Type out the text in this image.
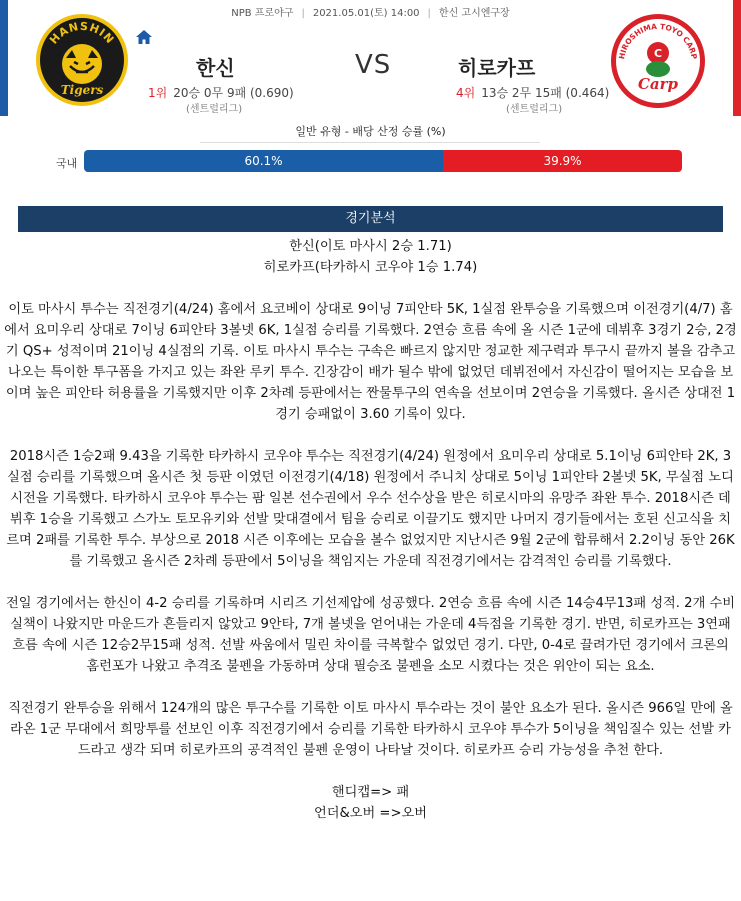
NPB 프로야구 | 2021.05.01(토) 14:00 | 한신 고시엔구장
HANSHIN
Tigers
HIROSHIMA TOYO CARP
C
Carp
한신	VS	히로카프
1위 20승 0무 9패 (0.690)	4위 13승 2무 15패 (0.464)
(센트럴리그)	(센트럴리그)
일반 유형 - 배당 산정 승률 (%)
국내	60.1%	39.9%
경기분석

한신(이토 마사시 2승 1.71)

히로카프(타카하시 코우야 1승 1.74)

이토 마사시 투수는 직전경기(4/24) 홈에서 요코베이 상대로 9이닝 7피안타 5K, 1실점 완투승을 기록했으며 이전경기(4/7) 홈에서 요미우리 상대로 7이닝 6피안타 3볼넷 6K, 1실점 승리를 기록했다. 2연승 흐름 속에 올 시즌 1군에 데뷔후 3경기 2승, 2경기 QS+ 성적이며 21이닝 4실점의 기록. 이토 마사시 투수는 구속은 빠르지 않지만 정교한 제구력과 투구시 끝까지 볼을 감추고 나오는 특이한 투구폼을 가지고 있는 좌완 루키 투수. 긴장감이 배가 될수 밖에 없었던 데뷔전에서 자신감이 떨어지는 모습을 보이며 높은 피안타 허용률을 기록했지만 이후 2차례 등판에서는 짠물투구의 연속을 선보이며 2연승을 기록했다. 올시즌 상대전 1경기 승패없이 3.60 기록이 있다.

2018시즌 1승2패 9.43을 기록한 타카하시 코우야 투수는 직전경기(4/24) 원정에서 요미우리 상대로 5.1이닝 6피안타 2K, 3실점 승리를 기록했으며 올시즌 첫 등판 이였던 이전경기(4/18) 원정에서 주니치 상대로 5이닝 1피안타 2볼넷 5K, 무실점 노디시전을 기록했다. 타카하시 코우야 투수는 팜 일본 선수권에서 우수 선수상을 받은 히로시마의 유망주 좌완 투수. 2018시즌 데뷔후 1승을 기록했고 스가노 토모유키와 선발 맞대결에서 팀을 승리로 이끌기도 했지만 나머지 경기들에서는 호된 신고식을 치르며 2패를 기록한 투수. 부상으로 2018 시즌 이후에는 모습을 볼수 없었지만 지난시즌 9월 2군에 합류해서 2.2이닝 동안 26K를 기록했고 올시즌 2차례 등판에서 5이닝을 책임지는 가운데 직전경기에서는 감격적인 승리를 기록했다.

전일 경기에서는 한신이 4-2 승리를 기록하며 시리즈 기선제압에 성공했다. 2연승 흐름 속에 시즌 14승4무13패 성적. 2개 수비 실책이 나왔지만 마운드가 흔들리지 않았고 9안타, 7개 볼넷을 얻어내는 가운데 4득점을 기록한 경기. 반면, 히로카프는 3연패 흐름 속에 시즌 12승2무15패 성적. 선발 싸움에서 밀린 차이를 극복할수 없었던 경기. 다만, 0-4로 끌려가던 경기에서 크론의 홈런포가 나왔고 추격조 불펜을 가동하며 상대 필승조 불펜을 소모 시켰다는 것은 위안이 되는 요소.

직전경기 완투승을 위해서 124개의 많은 투구수를 기록한 이토 마사시 투수라는 것이 불안 요소가 된다. 올시즌 966일 만에 올라온 1군 무대에서 희망투를 선보인 이후 직전경기에서 승리를 기록한 타카하시 코우야 투수가 5이닝을 책임질수 있는 선발 카드라고 생각 되며 히로카프의 공격적인 불펜 운영이 나타날 것이다. 히로카프 승리 가능성을 추천 한다.

핸디캡=> 패

언더&오버 =>오버
